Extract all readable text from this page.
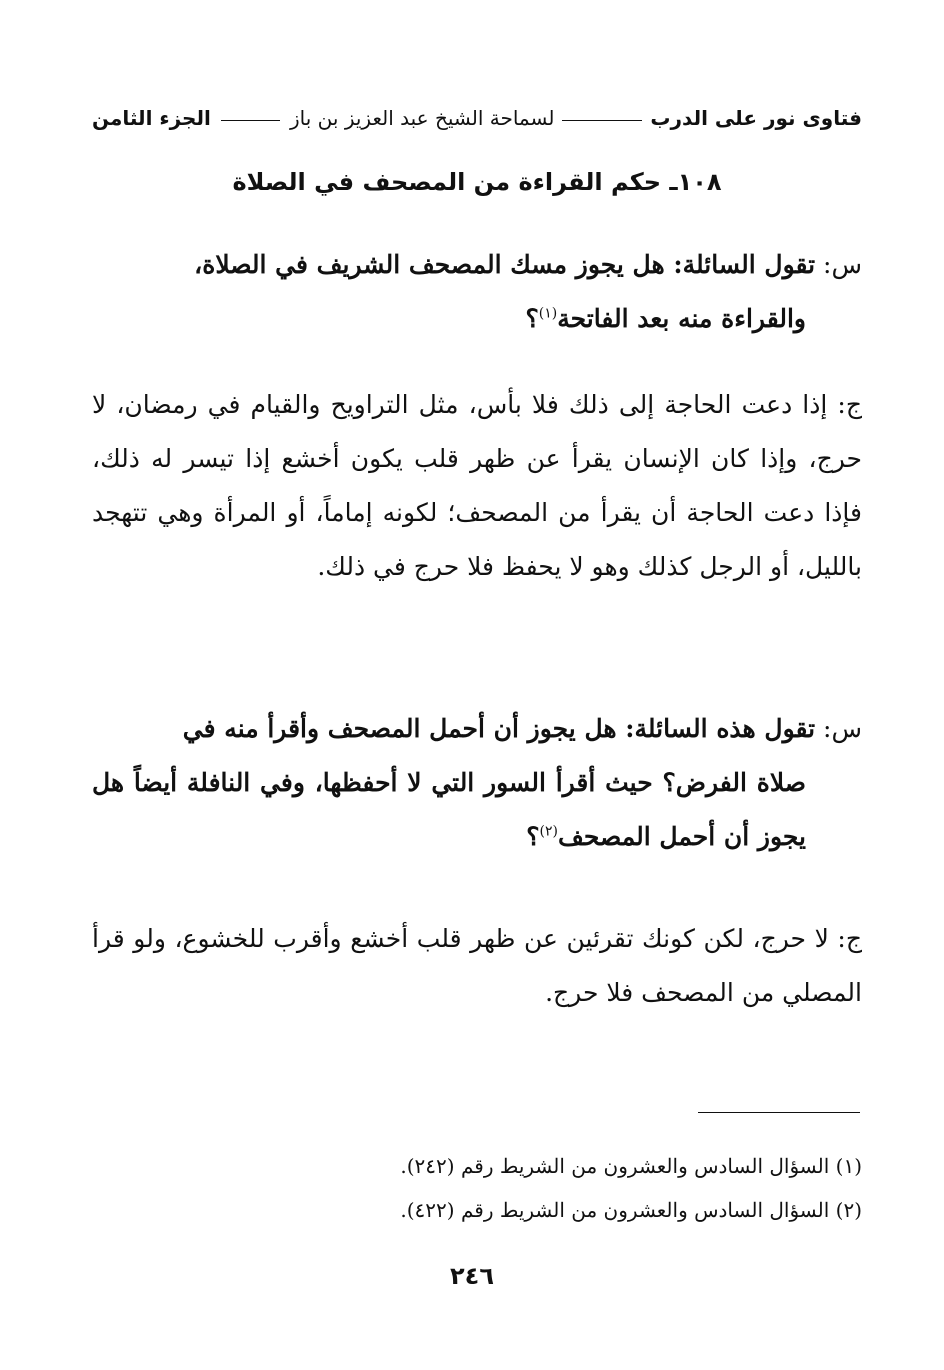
فتاوى نور على الدرب
لسماحة الشيخ عبد العزيز بن باز
الجزء الثامن
١٠٨ـ حكم القراءة من المصحف في الصلاة
س: تقول السائلة: هل يجوز مسك المصحف الشريف في الصلاة،
والقراءة منه بعد الفاتحة$^{(١)}$؟
ج: إذا دعت الحاجة إلى ذلك فلا بأس، مثل التراويح والقيام في رمضان، لا حرج، وإذا كان الإنسان يقرأ عن ظهر قلب يكون أخشع إذا تيسر له ذلك، فإذا دعت الحاجة أن يقرأ من المصحف؛ لكونه إماماً، أو المرأة وهي تتهجد بالليل، أو الرجل كذلك وهو لا يحفظ فلا حرج في ذلك.
س: تقول هذه السائلة: هل يجوز أن أحمل المصحف وأقرأ منه في
صلاة الفرض؟ حيث أقرأ السور التي لا أحفظها، وفي النافلة أيضاً هل يجوز أن أحمل المصحف$^{(٢)}$؟
ج: لا حرج، لكن كونك تقرئين عن ظهر قلب أخشع وأقرب للخشوع، ولو قرأ المصلي من المصحف فلا حرج.

(١) السؤال السادس والعشرون من الشريط رقم (٢٤٢).

(٢) السؤال السادس والعشرون من الشريط رقم (٤٢٢).

٢٤٦
